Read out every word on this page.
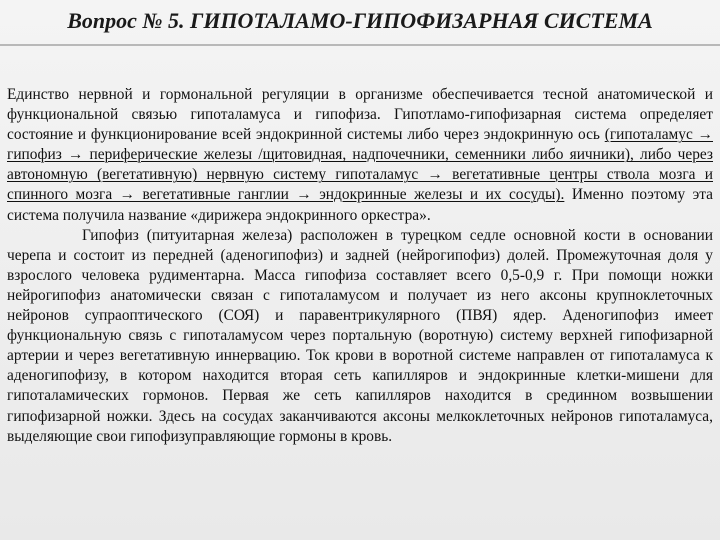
Вопрос № 5. ГИПОТАЛАМО-ГИПОФИЗАРНАЯ СИСТЕМА

Единство нервной и гормональной регуляции в организме обеспечивается тесной анатомической и функциональной связью гипоталамуса и гипофиза. Гипотламо-гипофизарная система определяет состояние и функционирование всей эндокринной системы либо через эндокринную ось (гипоталамус → гипофиз → периферические железы /щитовидная, надпочечники, семенники либо яичники), либо через автономную (вегетативную) нервную систему гипоталамус → вегетативные центры ствола мозга и спинного мозга → вегетативные ганглии → эндокринные железы и их сосуды). Именно поэтому эта система получила название «дирижера эндокринного оркестра».

Гипофиз (питуитарная железа) расположен в турецком седле основной кости в основании черепа и состоит из передней (аденогипофиз) и задней (нейрогипофиз) долей. Промежуточная доля у взрослого человека рудиментарна. Масса гипофиза составляет всего 0,5-0,9 г. При помощи ножки нейрогипофиз анатомически связан с гипоталамусом и получает из него аксоны крупноклеточных нейронов супраоптического (СОЯ) и паравентрикулярного (ПВЯ) ядер. Аденогипофиз имеет функциональную связь с гипоталамусом через портальную (воротную) систему верхней гипофизарной артерии и через вегетативную иннервацию. Ток крови в воротной системе направлен от гипоталамуса к аденогипофизу, в котором находится вторая сеть капилляров и эндокринные клетки-мишени для гипоталамических гормонов. Первая же сеть капилляров находится в срединном возвышении гипофизарной ножки. Здесь на сосудах заканчиваются аксоны мелкоклеточных нейронов гипоталамуса, выделяющие свои гипофизуправляющие гормоны в кровь.
